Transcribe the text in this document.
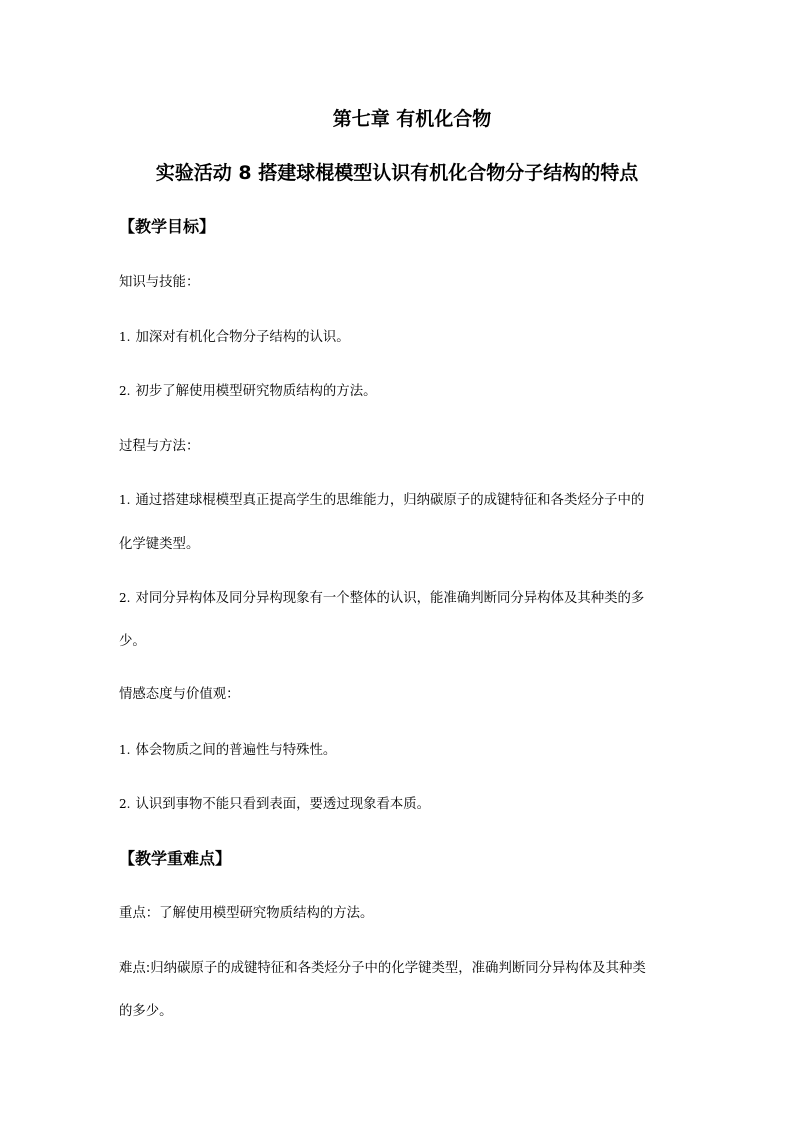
第七章 有机化合物
实验活动 8 搭建球棍模型认识有机化合物分子结构的特点
【教学目标】
知识与技能：
1. 加深对有机化合物分子结构的认识。
2. 初步了解使用模型研究物质结构的方法。
过程与方法：
1. 通过搭建球棍模型真正提高学生的思维能力，归纳碳原子的成键特征和各类烃分子中的
化学键类型。
2. 对同分异构体及同分异构现象有一个整体的认识，能准确判断同分异构体及其种类的多
少。
情感态度与价值观：
1. 体会物质之间的普遍性与特殊性。
2. 认识到事物不能只看到表面，要透过现象看本质。
【教学重难点】
重点：了解使用模型研究物质结构的方法。
难点:归纳碳原子的成键特征和各类烃分子中的化学键类型，准确判断同分异构体及其种类
的多少。
